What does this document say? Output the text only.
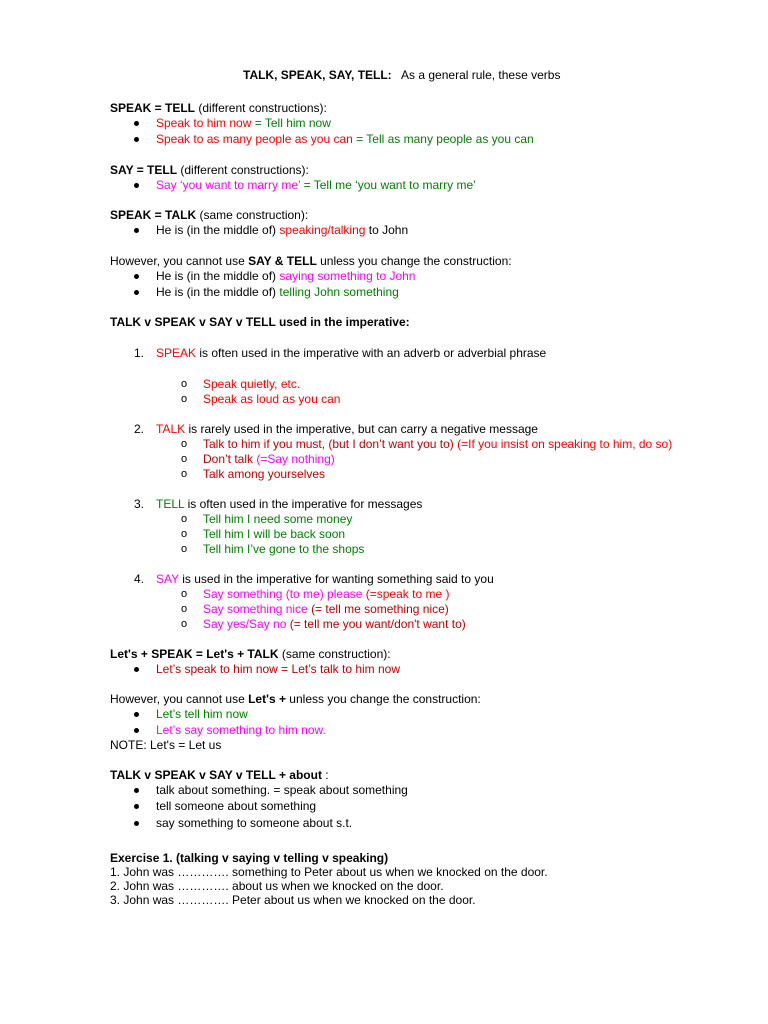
TALK, SPEAK, SAY, TELL: As a general rule, these verbs
SPEAK = TELL (different constructions):
Speak to him now = Tell him now
Speak to as many people as you can = Tell as many people as you can
SAY = TELL (different constructions):
Say ‘you want to marry me’ = Tell me ‘you want to marry me’
SPEAK = TALK (same construction):
He is (in the middle of) speaking/talking to John
However, you cannot use SAY & TELL unless you change the construction:
He is (in the middle of) saying something to John
He is (in the middle of) telling John something
TALK v SPEAK v SAY v TELL used in the imperative:
1. SPEAK is often used in the imperative with an adverb or adverbial phrase
o Speak quietly, etc.
o Speak as loud as you can
2. TALK is rarely used in the imperative, but can carry a negative message
o Talk to him if you must, (but I don’t want you to) (=If you insist on speaking to him, do so)
o Don’t talk (=Say nothing)
o Talk among yourselves
3. TELL is often used in the imperative for messages
o Tell him I need some money
o Tell him I will be back soon
o Tell him I’ve gone to the shops
4. SAY is used in the imperative for wanting something said to you
o Say something (to me) please (=speak to me )
o Say something nice (= tell me something nice)
o Say yes/Say no (= tell me you want/don't want to)
Let's + SPEAK = Let's + TALK (same construction):
Let’s speak to him now = Let’s talk to him now
However, you cannot use Let's + unless you change the construction:
Let’s tell him now
Let’s say something to him now.
NOTE: Let's = Let us
TALK v SPEAK v SAY v TELL + about :
talk about something. = speak about something
tell someone about something
say something to someone about s.t.
Exercise 1. (talking v saying v telling v speaking)
1. John was …………. something to Peter about us when we knocked on the door.
2. John was …………. about us when we knocked on the door.
3. John was …………. Peter about us when we knocked on the door.
